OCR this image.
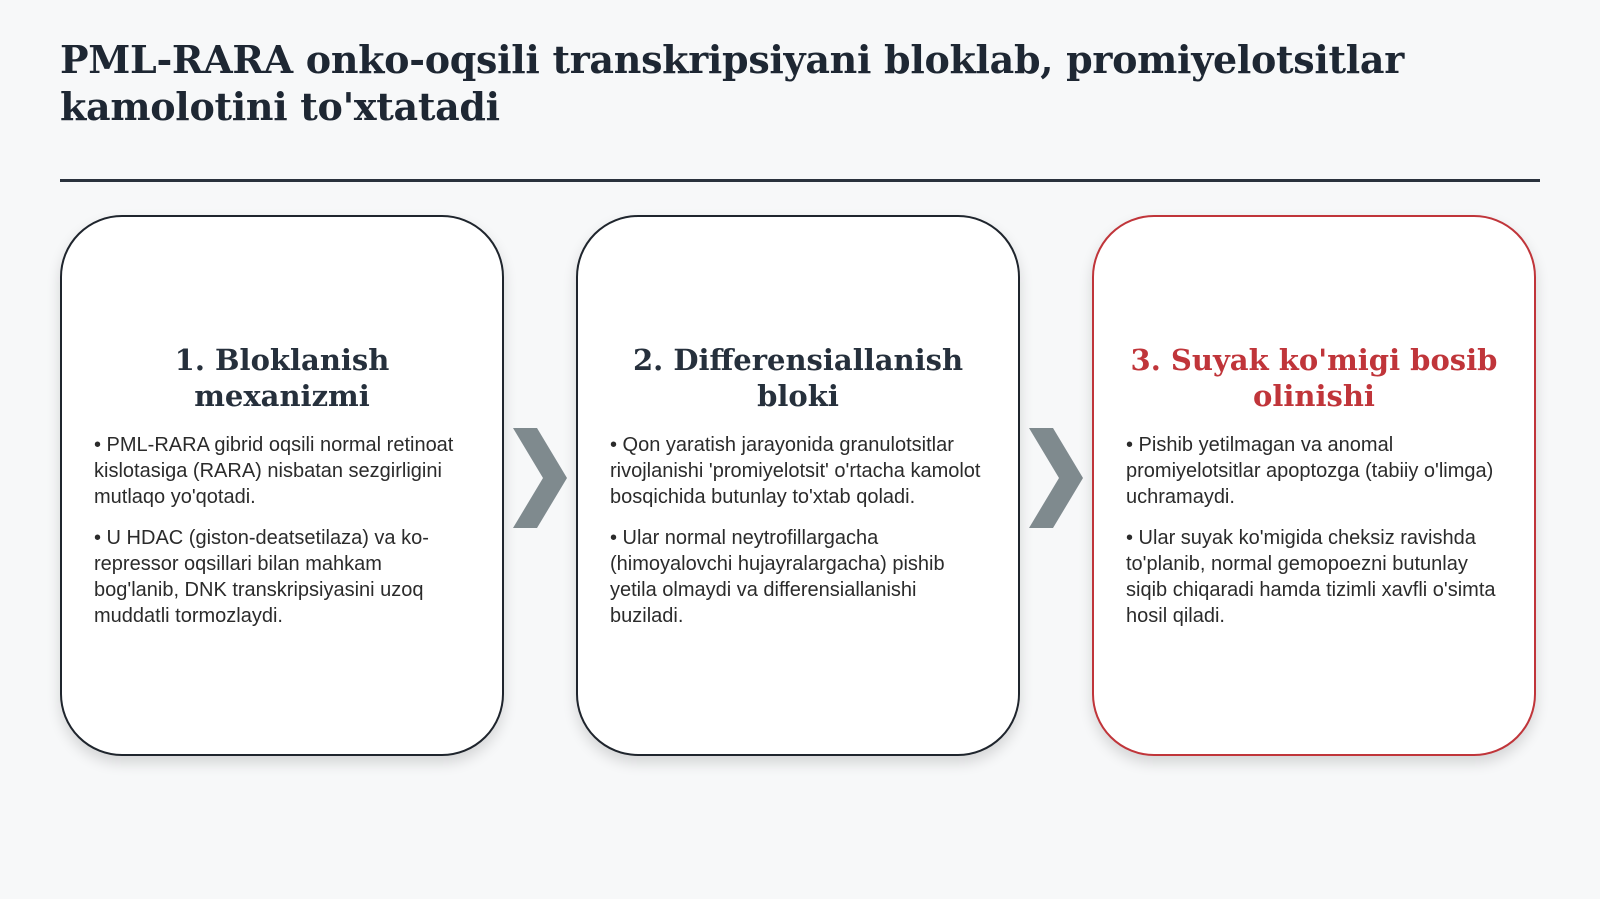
PML-RARA onko-oqsili transkripsiyani bloklab, promiyelotsitlar kamolotini to'xtatadi
1. Bloklanish mexanizmi

• PML-RARA gibrid oqsili normal retinoat kislotasiga (RARA) nisbatan sezgirligini mutlaqo yo'qotadi.

• U HDAC (giston-deatsetilaza) va ko-repressor oqsillari bilan mahkam bog'lanib, DNK transkripsiyasini uzoq muddatli tormozlaydi.

2. Differensiallanish bloki

• Qon yaratish jarayonida granulotsitlar rivojlanishi 'promiyelotsit' o'rtacha kamolot bosqichida butunlay to'xtab qoladi.

• Ular normal neytrofillargacha (himoyalovchi hujayralargacha) pishib yetila olmaydi va differensiallanishi buziladi.

3. Suyak ko'migi bosib olinishi

• Pishib yetilmagan va anomal promiyelotsitlar apoptozga (tabiiy o'limga) uchramaydi.

• Ular suyak ko'migida cheksiz ravishda to'planib, normal gemopoezni butunlay siqib chiqaradi hamda tizimli xavfli o'simta hosil qiladi.
